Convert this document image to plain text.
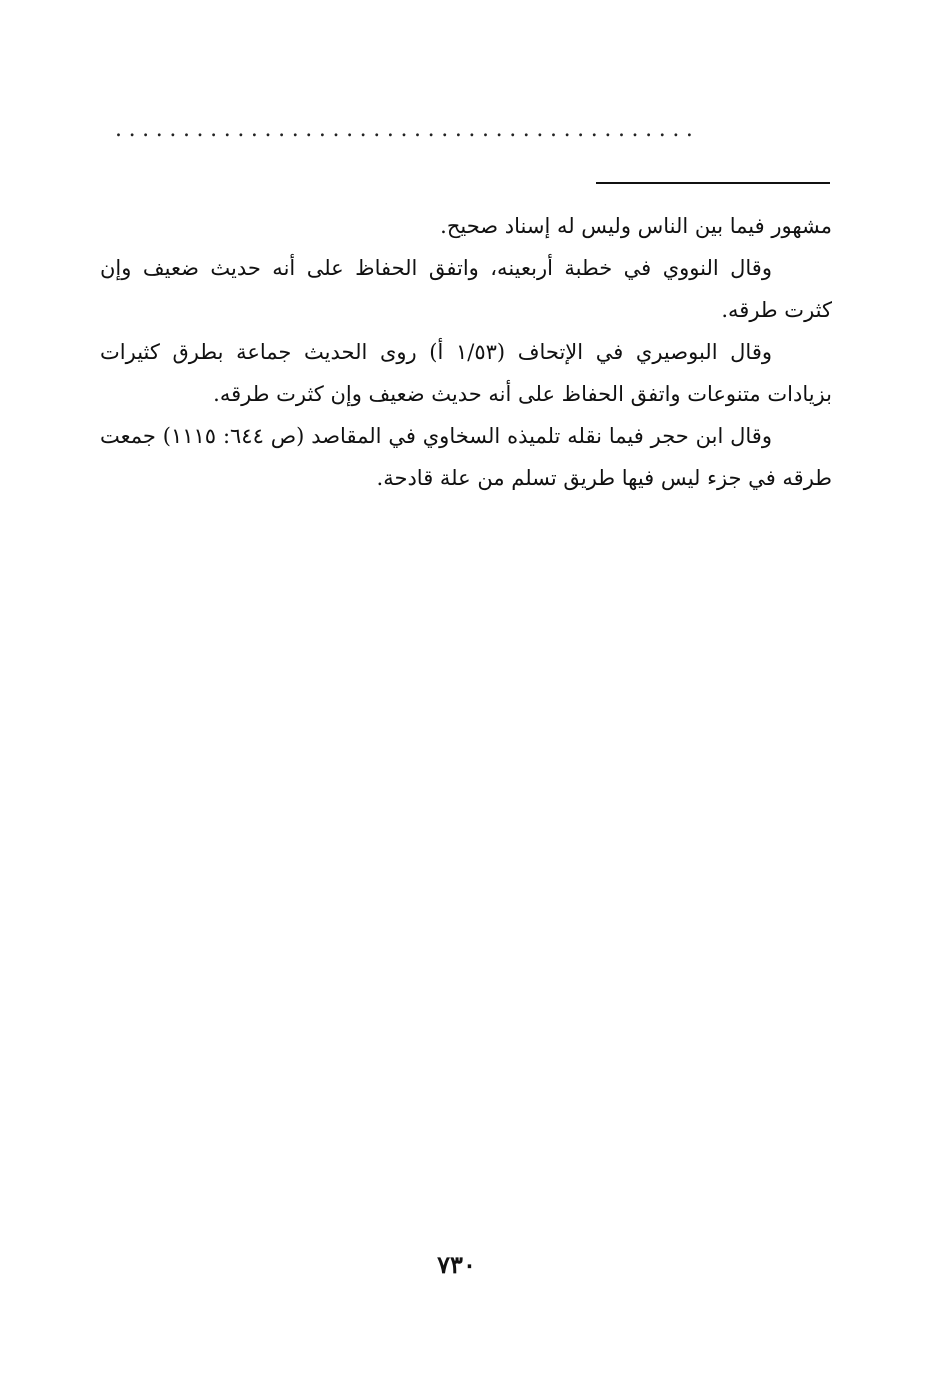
...........................................

مشهور فيما بين الناس وليس له إسناد صحيح.

وقال النووي في خطبة أربعينه، واتفق الحفاظ على أنه حديث ضعيف وإن كثرت طرقه.

وقال البوصيري في الإتحاف (١/٥٣ أ) روى الحديث جماعة بطرق كثيرات بزيادات متنوعات واتفق الحفاظ على أنه حديث ضعيف وإن كثرت طرقه.

وقال ابن حجر فيما نقله تلميذه السخاوي في المقاصد (ص ٦٤٤: ١١١٥) جمعت طرقه في جزء ليس فيها طريق تسلم من علة قادحة.

٧٣٠
